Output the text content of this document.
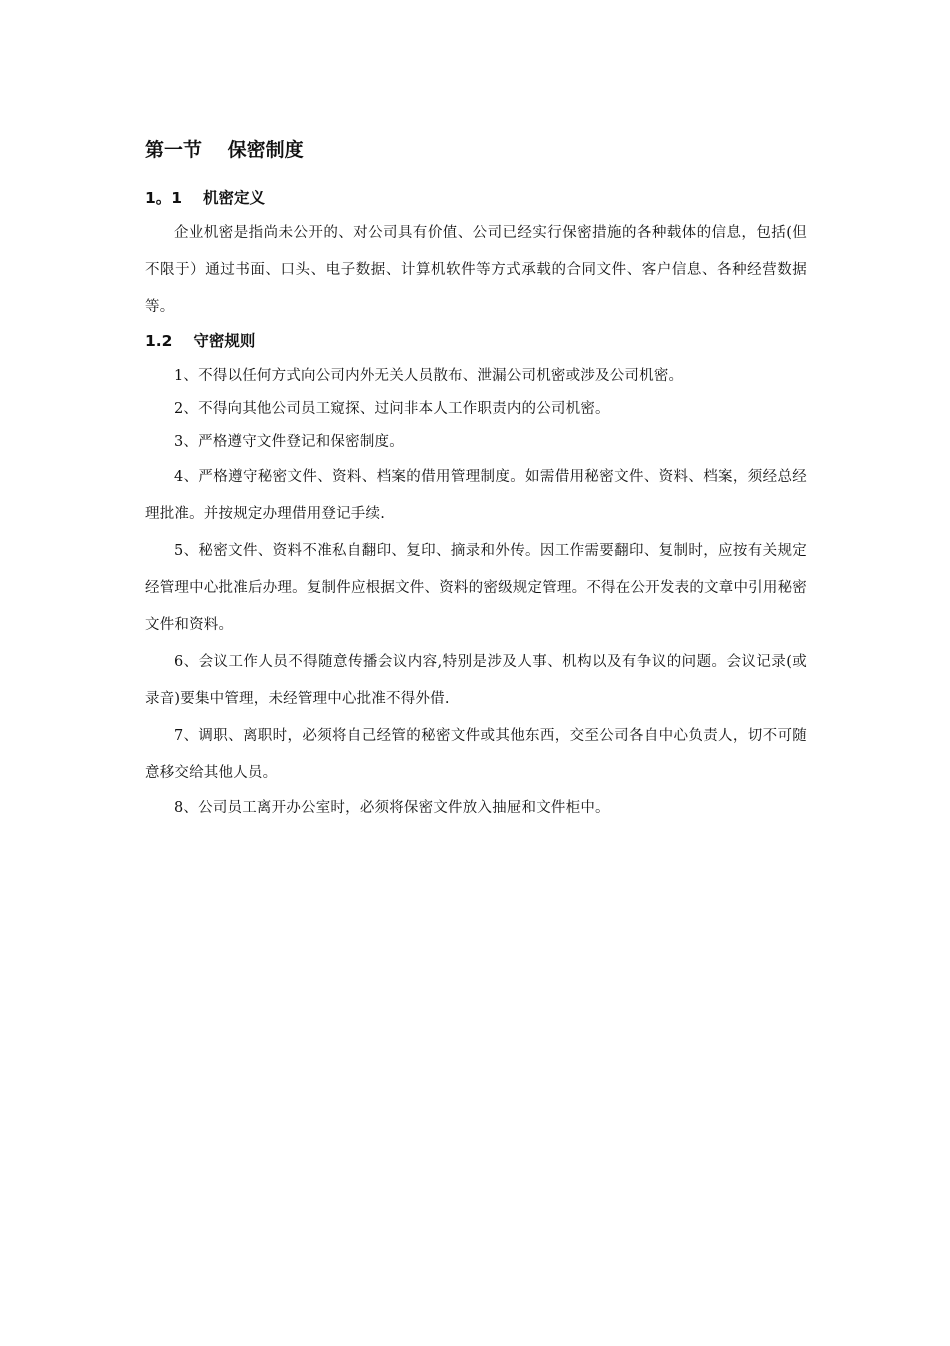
第一节　 保密制度
1。1　 机密定义

企业机密是指尚未公开的、对公司具有价值、公司已经实行保密措施的各种载体的信息，包括(但不限于）通过书面、口头、电子数据、计算机软件等方式承载的合同文件、客户信息、各种经营数据等。

1.2　 守密规则

1、不得以任何方式向公司内外无关人员散布、泄漏公司机密或涉及公司机密。

2、不得向其他公司员工窥探、过问非本人工作职责内的公司机密。

3、严格遵守文件登记和保密制度。

4、严格遵守秘密文件、资料、档案的借用管理制度。如需借用秘密文件、资料、档案，须经总经理批准。并按规定办理借用登记手续.

5、秘密文件、资料不准私自翻印、复印、摘录和外传。因工作需要翻印、复制时，应按有关规定经管理中心批准后办理。复制件应根据文件、资料的密级规定管理。不得在公开发表的文章中引用秘密文件和资料。

6、会议工作人员不得随意传播会议内容,特别是涉及人事、机构以及有争议的问题。会议记录(或录音)要集中管理，未经管理中心批准不得外借.

7、调职、离职时，必须将自己经管的秘密文件或其他东西，交至公司各自中心负责人，切不可随意移交给其他人员。

8、公司员工离开办公室时，必须将保密文件放入抽屉和文件柜中。
